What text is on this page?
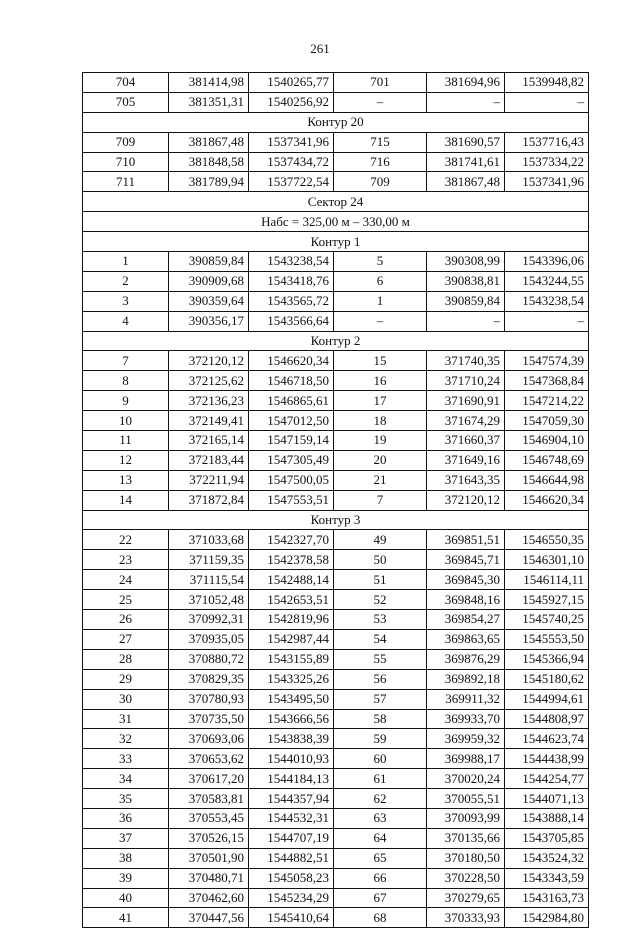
261
704	381414,98	1540265,77	701	381694,96	1539948,82
705	381351,31	1540256,92	–	–	–
Контур 20					
709	381867,48	1537341,96	715	381690,57	1537716,43
710	381848,58	1537434,72	716	381741,61	1537334,22
711	381789,94	1537722,54	709	381867,48	1537341,96
Сектор 24					
Набс = 325,00 м – 330,00 м					
Контур 1					
1	390859,84	1543238,54	5	390308,99	1543396,06
2	390909,68	1543418,76	6	390838,81	1543244,55
3	390359,64	1543565,72	1	390859,84	1543238,54
4	390356,17	1543566,64	–	–	–
Контур 2					
7	372120,12	1546620,34	15	371740,35	1547574,39
8	372125,62	1546718,50	16	371710,24	1547368,84
9	372136,23	1546865,61	17	371690,91	1547214,22
10	372149,41	1547012,50	18	371674,29	1547059,30
11	372165,14	1547159,14	19	371660,37	1546904,10
12	372183,44	1547305,49	20	371649,16	1546748,69
13	372211,94	1547500,05	21	371643,35	1546644,98
14	371872,84	1547553,51	7	372120,12	1546620,34
Контур 3					
22	371033,68	1542327,70	49	369851,51	1546550,35
23	371159,35	1542378,58	50	369845,71	1546301,10
24	371115,54	1542488,14	51	369845,30	1546114,11
25	371052,48	1542653,51	52	369848,16	1545927,15
26	370992,31	1542819,96	53	369854,27	1545740,25
27	370935,05	1542987,44	54	369863,65	1545553,50
28	370880,72	1543155,89	55	369876,29	1545366,94
29	370829,35	1543325,26	56	369892,18	1545180,62
30	370780,93	1543495,50	57	369911,32	1544994,61
31	370735,50	1543666,56	58	369933,70	1544808,97
32	370693,06	1543838,39	59	369959,32	1544623,74
33	370653,62	1544010,93	60	369988,17	1544438,99
34	370617,20	1544184,13	61	370020,24	1544254,77
35	370583,81	1544357,94	62	370055,51	1544071,13
36	370553,45	1544532,31	63	370093,99	1543888,14
37	370526,15	1544707,19	64	370135,66	1543705,85
38	370501,90	1544882,51	65	370180,50	1543524,32
39	370480,71	1545058,23	66	370228,50	1543343,59
40	370462,60	1545234,29	67	370279,65	1543163,73
41	370447,56	1545410,64	68	370333,93	1542984,80
